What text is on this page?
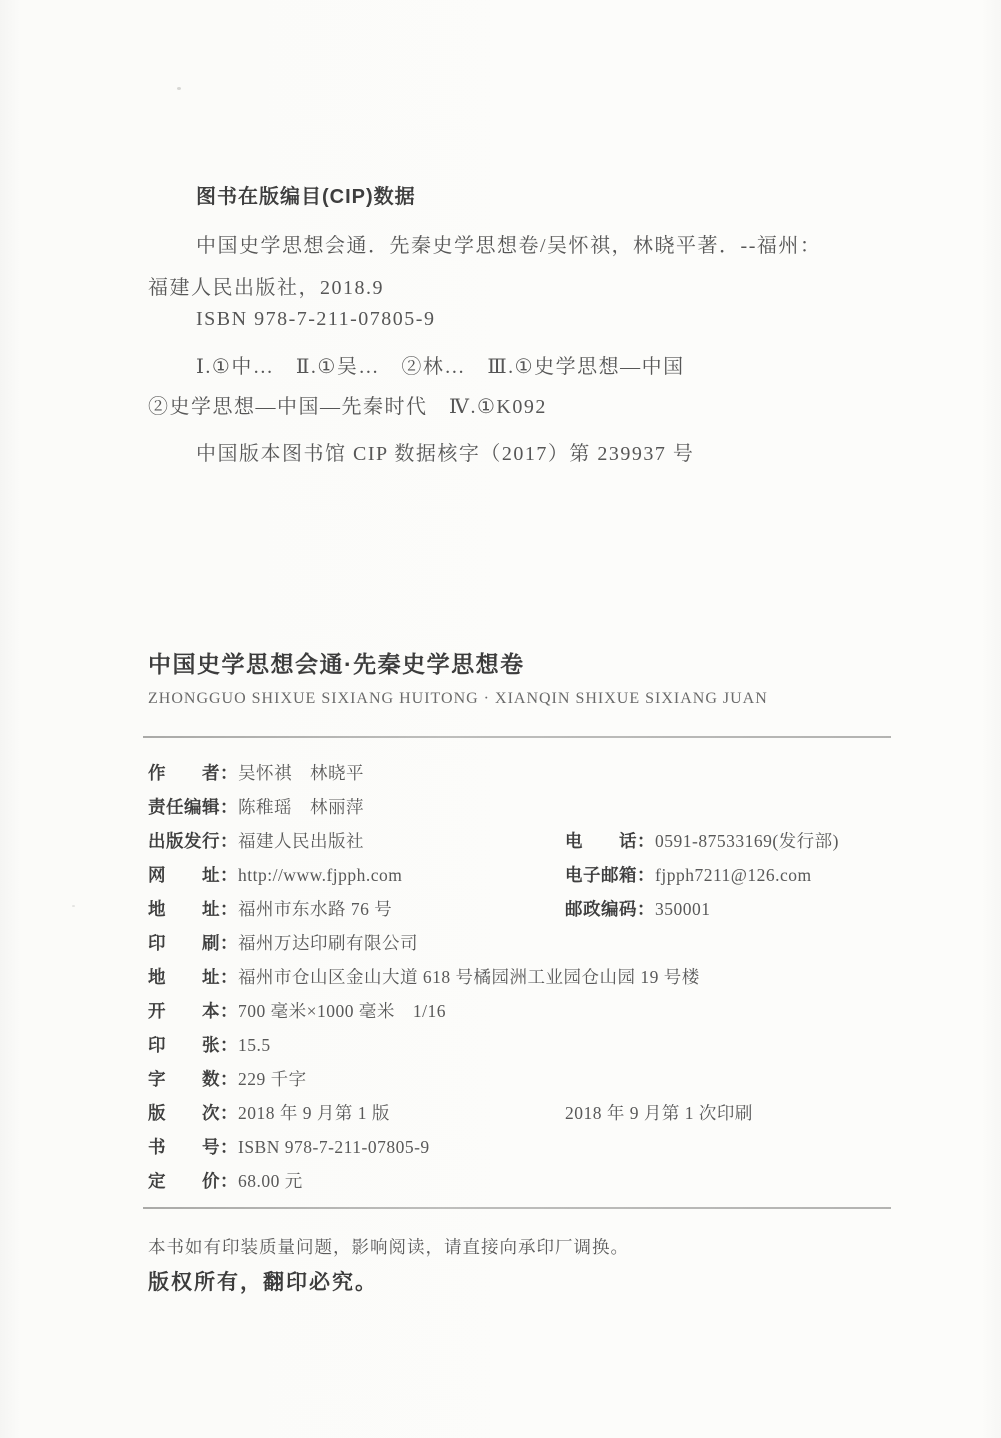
图书在版编目(CIP)数据
中国史学思想会通．先秦史学思想卷/吴怀祺，林晓平著．--福州：
福建人民出版社，2018.9
ISBN 978-7-211-07805-9
Ⅰ.①中…　Ⅱ.①吴…　②林…　Ⅲ.①史学思想—中国
②史学思想—中国—先秦时代　Ⅳ.①K092
中国版本图书馆 CIP 数据核字（2017）第 239937 号
中国史学思想会通·先秦史学思想卷
ZHONGGUO SHIXUE SIXIANG HUITONG · XIANQIN SHIXUE SIXIANG JUAN
作　　者：吴怀祺　林晓平
责任编辑：陈稚瑶　林丽萍
出版发行：福建人民出版社	电　　话：0591-87533169(发行部)
网　　址：http://www.fjpph.com	电子邮箱：fjpph7211@126.com
地　　址：福州市东水路 76 号	邮政编码：350001
印　　刷：福州万达印刷有限公司
地　　址：福州市仓山区金山大道 618 号橘园洲工业园仓山园 19 号楼
开　　本：700 毫米×1000 毫米　1/16
印　　张：15.5
字　　数：229 千字
版　　次：2018 年 9 月第 1 版	2018 年 9 月第 1 次印刷
书　　号：ISBN 978-7-211-07805-9
定　　价：68.00 元
本书如有印装质量问题，影响阅读，请直接向承印厂调换。
版权所有，翻印必究。
